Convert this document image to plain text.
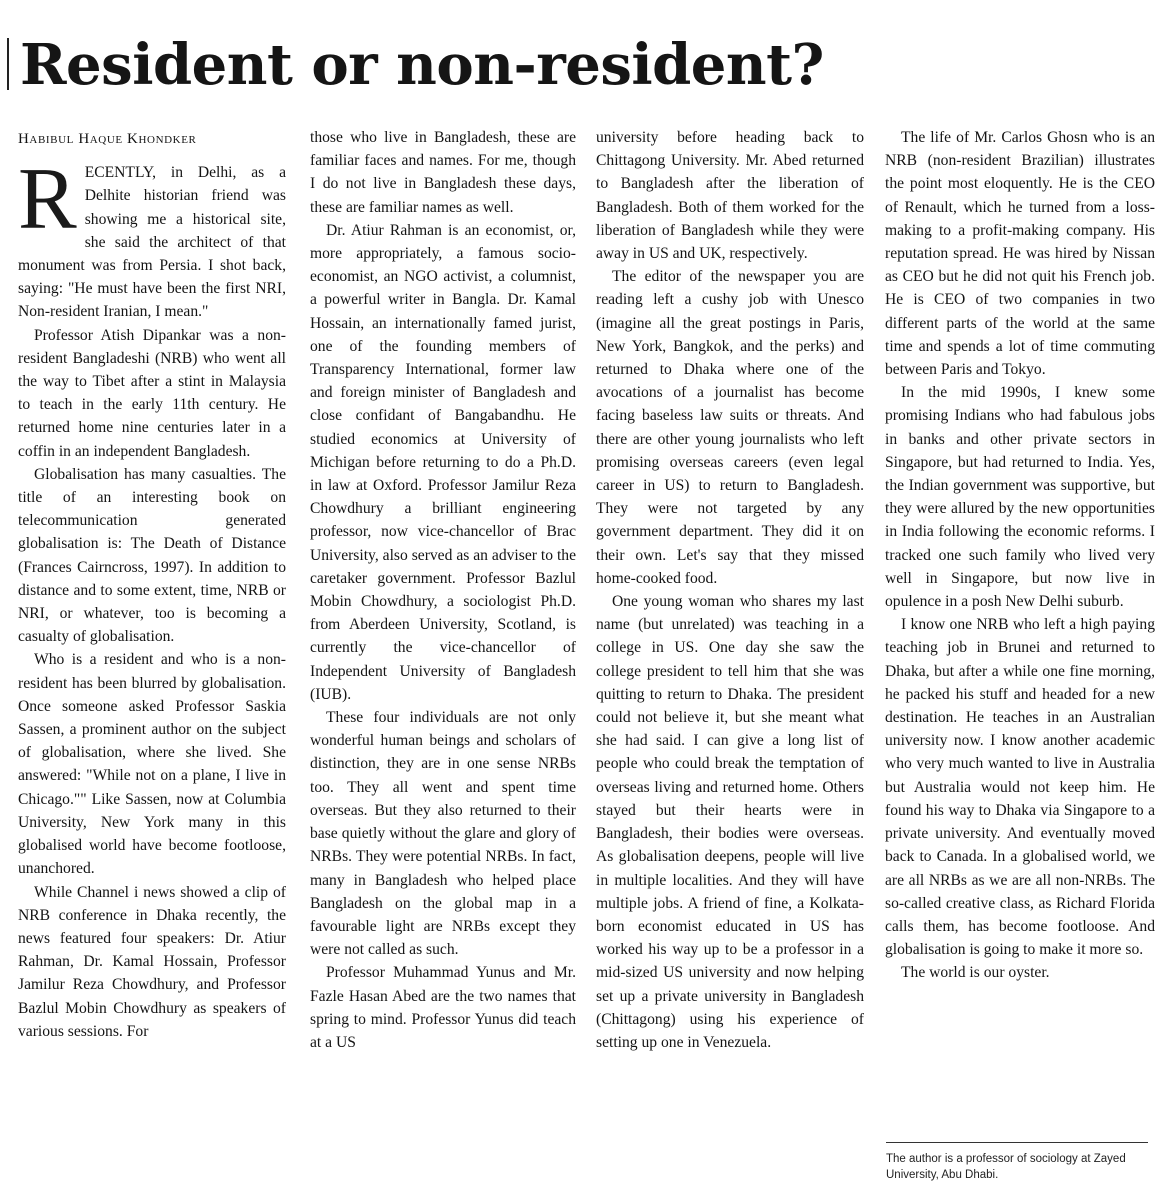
Resident or non-resident?
Habibul Haque Khondker
R ECENTLY, in Delhi, as a Delhite historian friend was showing me a historical site, she said the architect of that monument was from Persia. I shot back, saying: "He must have been the first NRI, Non-resident Iranian, I mean."

Professor Atish Dipankar was a non-resident Bangladeshi (NRB) who went all the way to Tibet after a stint in Malaysia to teach in the early 11th century. He returned home nine centuries later in a coffin in an independent Bangladesh.

Globalisation has many casualties. The title of an interesting book on telecommunication generated globalisation is: The Death of Distance (Frances Cairncross, 1997). In addition to distance and to some extent, time, NRB or NRI, or whatever, too is becoming a casualty of globalisation.

Who is a resident and who is a non-resident has been blurred by globalisation. Once someone asked Professor Saskia Sassen, a prominent author on the subject of globalisation, where she lived. She answered: "While not on a plane, I live in Chicago."" Like Sassen, now at Columbia University, New York many in this globalised world have become footloose, unanchored.

While Channel i news showed a clip of NRB conference in Dhaka recently, the news featured four speakers: Dr. Atiur Rahman, Dr. Kamal Hossain, Professor Jamilur Reza Chowdhury, and Professor Bazlul Mobin Chowdhury as speakers of various sessions. For

those who live in Bangladesh, these are familiar faces and names. For me, though I do not live in Bangladesh these days, these are familiar names as well.

Dr. Atiur Rahman is an economist, or, more appropriately, a famous socio-economist, an NGO activist, a columnist, a powerful writer in Bangla. Dr. Kamal Hossain, an internationally famed jurist, one of the founding members of Transparency International, former law and foreign minister of Bangladesh and close confidant of Bangabandhu. He studied economics at University of Michigan before returning to do a Ph.D. in law at Oxford. Professor Jamilur Reza Chowdhury a brilliant engineering professor, now vice-chancellor of Brac University, also served as an adviser to the caretaker government. Professor Bazlul Mobin Chowdhury, a sociologist Ph.D. from Aberdeen University, Scotland, is currently the vice-chancellor of Independent University of Bangladesh (IUB).

These four individuals are not only wonderful human beings and scholars of distinction, they are in one sense NRBs too. They all went and spent time overseas. But they also returned to their base quietly without the glare and glory of NRBs. They were potential NRBs. In fact, many in Bangladesh who helped place Bangladesh on the global map in a favourable light are NRBs except they were not called as such.

Professor Muhammad Yunus and Mr. Fazle Hasan Abed are the two names that spring to mind. Professor Yunus did teach at a US

university before heading back to Chittagong University. Mr. Abed returned to Bangladesh after the liberation of Bangladesh. Both of them worked for the liberation of Bangladesh while they were away in US and UK, respectively.

The editor of the newspaper you are reading left a cushy job with Unesco (imagine all the great postings in Paris, New York, Bangkok, and the perks) and returned to Dhaka where one of the avocations of a journalist has become facing baseless law suits or threats. And there are other young journalists who left promising overseas careers (even legal career in US) to return to Bangladesh. They were not targeted by any government department. They did it on their own. Let's say that they missed home-cooked food.

One young woman who shares my last name (but unrelated) was teaching in a college in US. One day she saw the college president to tell him that she was quitting to return to Dhaka. The president could not believe it, but she meant what she had said. I can give a long list of people who could break the temptation of overseas living and returned home. Others stayed but their hearts were in Bangladesh, their bodies were overseas. As globalisation deepens, people will live in multiple localities. And they will have multiple jobs. A friend of fine, a Kolkata-born economist educated in US has worked his way up to be a professor in a mid-sized US university and now helping set up a private university in Bangladesh (Chittagong) using his experience of setting up one in Venezuela.

The life of Mr. Carlos Ghosn who is an NRB (non-resident Brazilian) illustrates the point most eloquently. He is the CEO of Renault, which he turned from a loss-making to a profit-making company. His reputation spread. He was hired by Nissan as CEO but he did not quit his French job. He is CEO of two companies in two different parts of the world at the same time and spends a lot of time commuting between Paris and Tokyo.

In the mid 1990s, I knew some promising Indians who had fabulous jobs in banks and other private sectors in Singapore, but had returned to India. Yes, the Indian government was supportive, but they were allured by the new opportunities in India following the economic reforms. I tracked one such family who lived very well in Singapore, but now live in opulence in a posh New Delhi suburb.

I know one NRB who left a high paying teaching job in Brunei and returned to Dhaka, but after a while one fine morning, he packed his stuff and headed for a new destination. He teaches in an Australian university now. I know another academic who very much wanted to live in Australia but Australia would not keep him. He found his way to Dhaka via Singapore to a private university. And eventually moved back to Canada. In a globalised world, we are all NRBs as we are all non-NRBs. The so-called creative class, as Richard Florida calls them, has become footloose. And globalisation is going to make it more so.

The world is our oyster.

The author is a professor of sociology at Zayed University, Abu Dhabi.
